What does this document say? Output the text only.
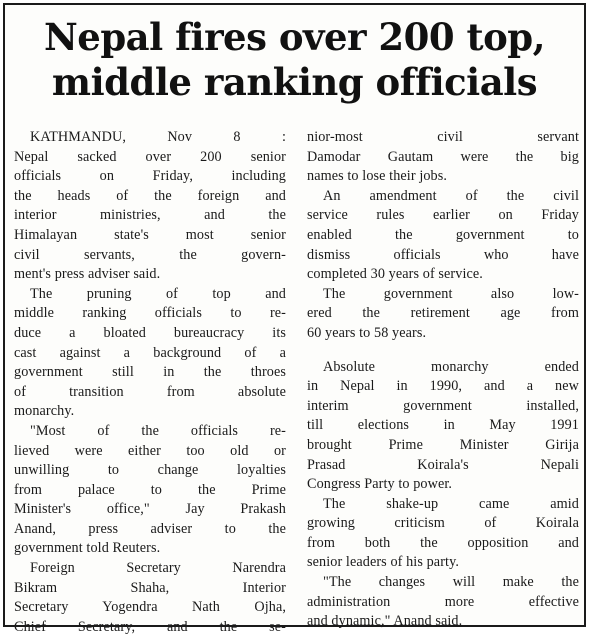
Nepal fires over 200 top,
middle ranking officials
KATHMANDU, Nov 8 :
Nepal sacked over 200 senior
officials on Friday, including
the heads of the foreign and
interior ministries, and the
Himalayan state's most senior
civil servants, the govern-
ment's press adviser said.
The pruning of top and
middle ranking officials to re-
duce a bloated bureaucracy its
cast against a background of a
government still in the throes
of transition from absolute
monarchy.
"Most of the officials re-
lieved were either too old or
unwilling to change loyalties
from palace to the Prime
Minister's office," Jay Prakash
Anand, press adviser to the
government told Reuters.
Foreign Secretary Narendra
Bikram Shaha, Interior
Secretary Yogendra Nath Ojha,
Chief Secretary, and the se-
nior-most civil servant
Damodar Gautam were the big
names to lose their jobs.
An amendment of the civil
service rules earlier on Friday
enabled the government to
dismiss officials who have
completed 30 years of service.
The government also low-
ered the retirement age from
60 years to 58 years.
Absolute monarchy ended
in Nepal in 1990, and a new
interim government installed,
till elections in May 1991
brought Prime Minister Girija
Prasad Koirala's Nepali
Congress Party to power.
The shake-up came amid
growing criticism of Koirala
from both the opposition and
senior leaders of his party.
"The changes will make the
administration more effective
and dynamic," Anand said.
